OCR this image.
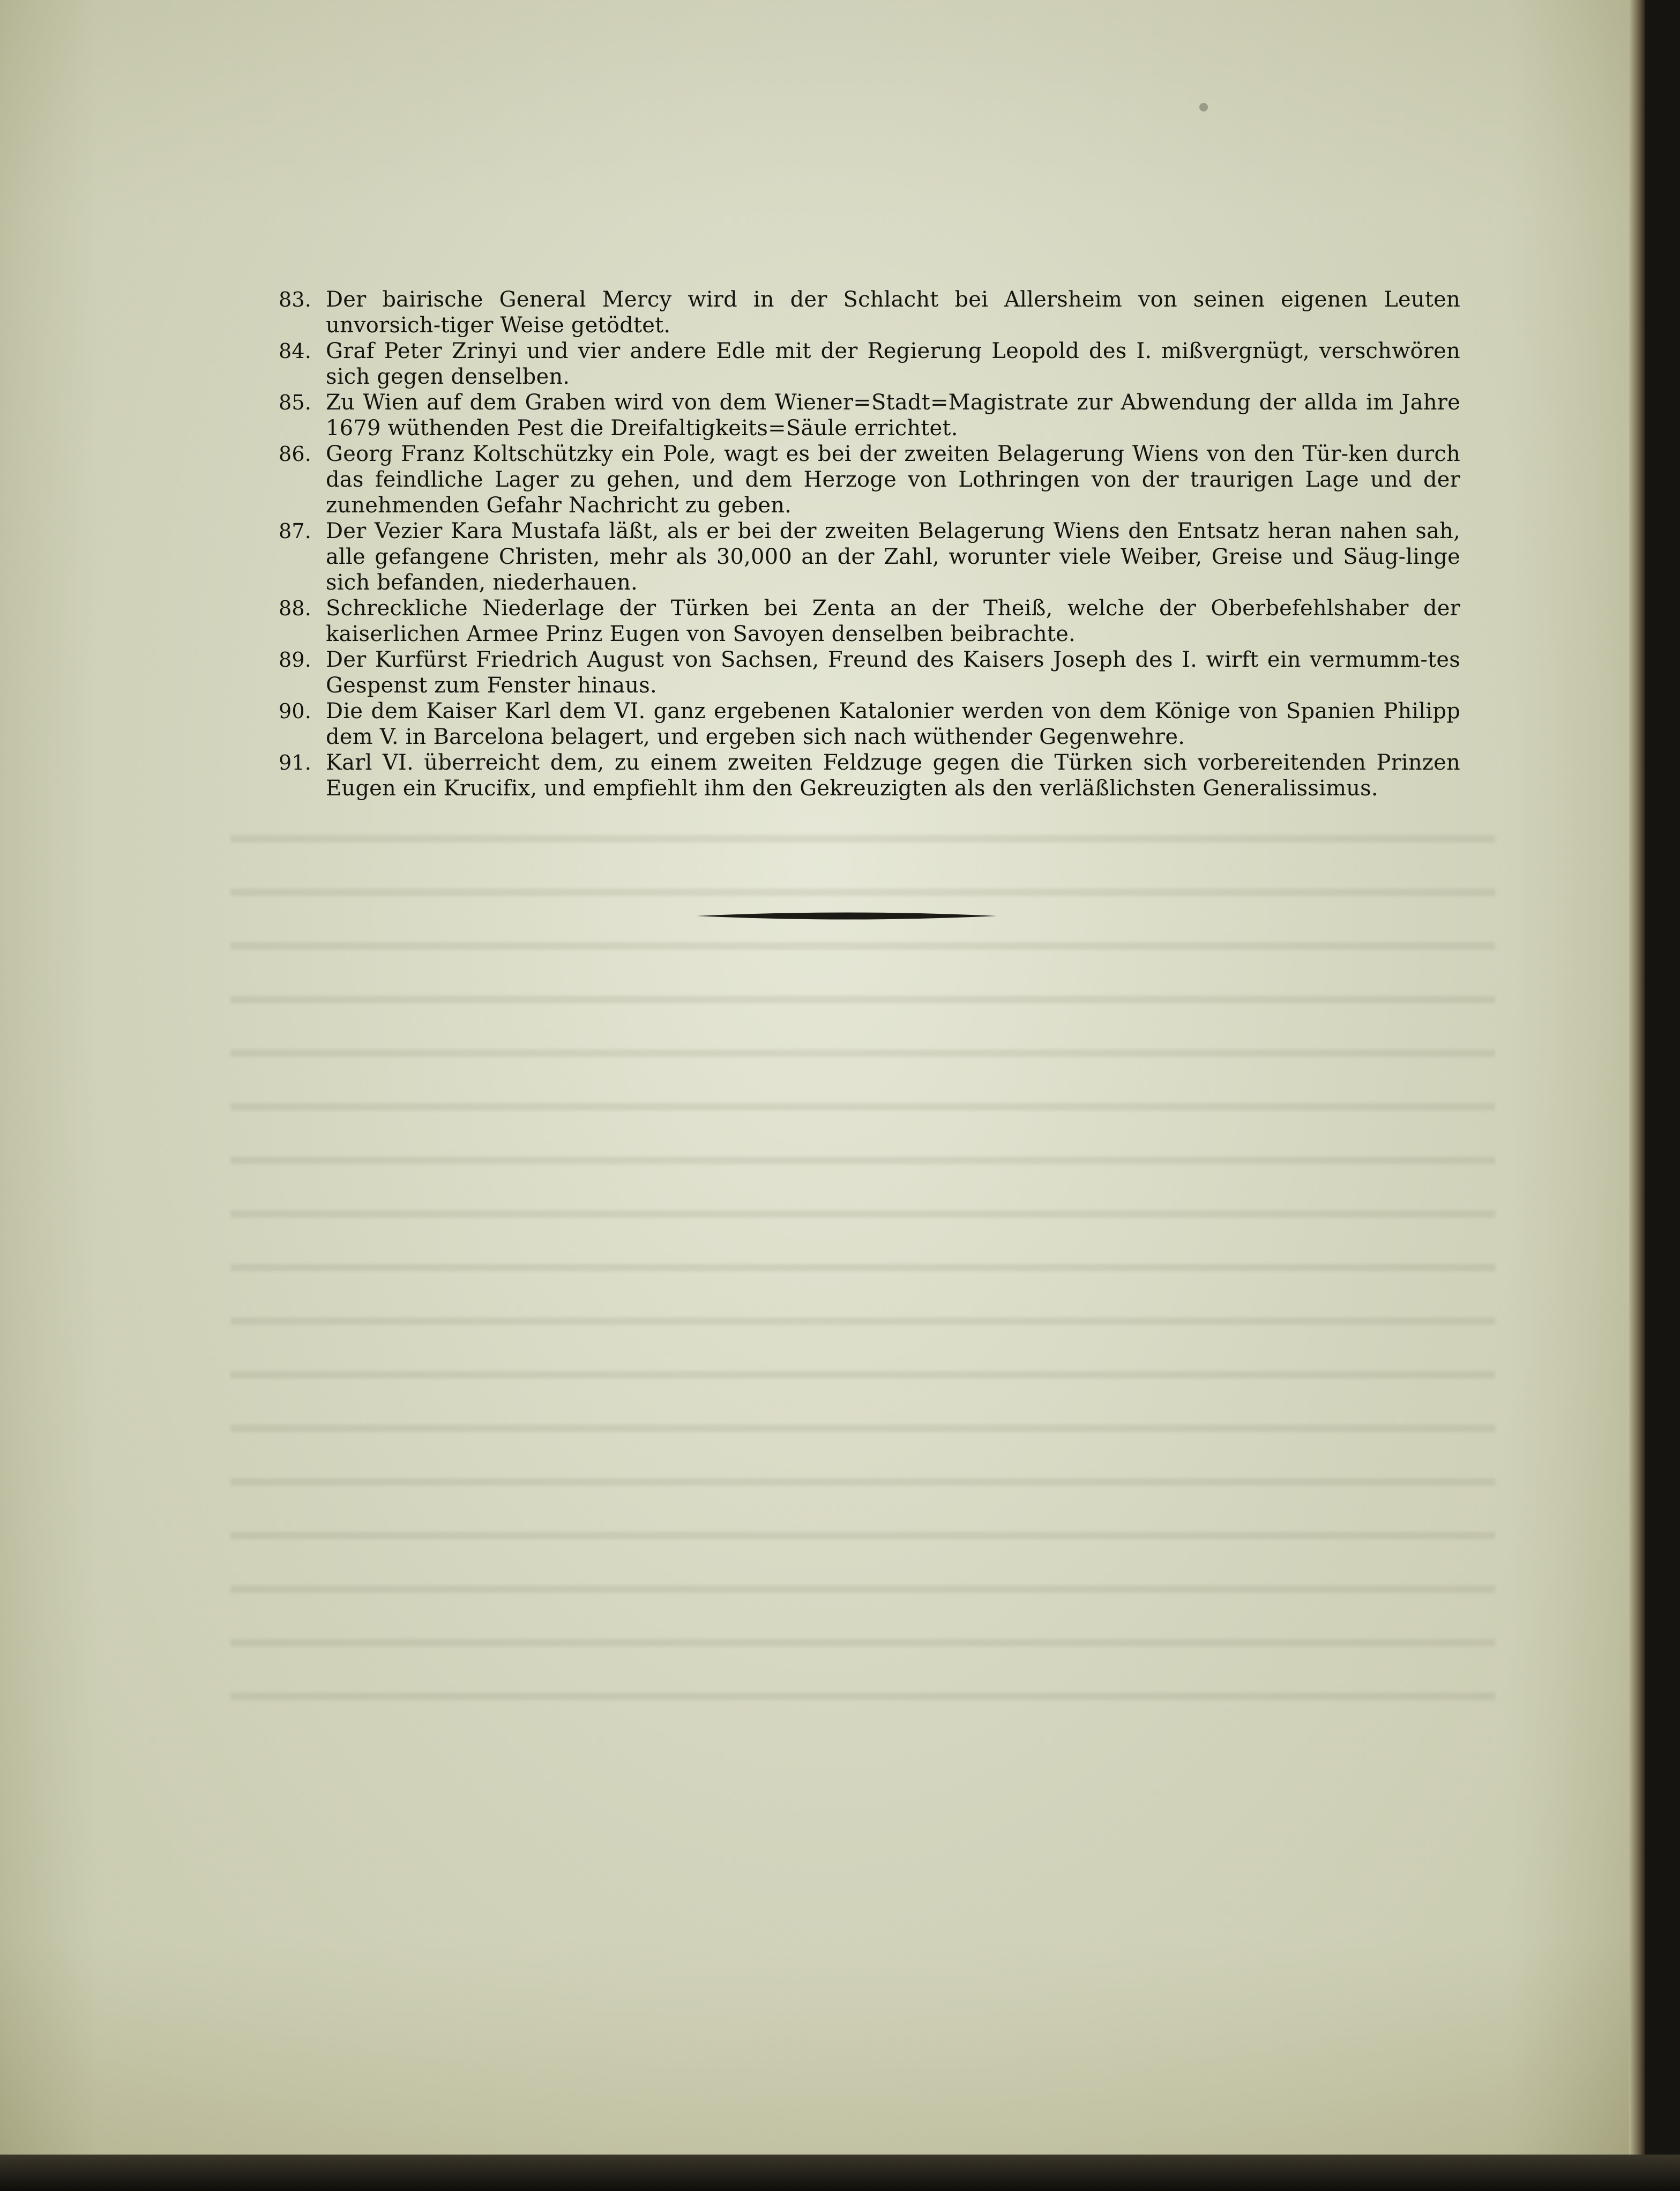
83. Der bairische General Mercy wird in der Schlacht bei Allersheim von seinen eigenen Leuten unvorsich-tiger Weise getödtet.
84. Graf Peter Zrinyi und vier andere Edle mit der Regierung Leopold des I. mißvergnügt, verschwören sich gegen denselben.
85. Zu Wien auf dem Graben wird von dem Wiener=Stadt=Magistrate zur Abwendung der allda im Jahre 1679 wüthenden Pest die Dreifaltigkeits=Säule errichtet.
86. Georg Franz Koltschützky ein Pole, wagt es bei der zweiten Belagerung Wiens von den Tür-ken durch das feindliche Lager zu gehen, und dem Herzoge von Lothringen von der traurigen Lage und der zunehmenden Gefahr Nachricht zu geben.
87. Der Vezier Kara Mustafa läßt, als er bei der zweiten Belagerung Wiens den Entsatz heran nahen sah, alle gefangene Christen, mehr als 30,000 an der Zahl, worunter viele Weiber, Greise und Säug-linge sich befanden, niederhauen.
88. Schreckliche Niederlage der Türken bei Zenta an der Theiß, welche der Oberbefehlshaber der kaiserlichen Armee Prinz Eugen von Savoyen denselben beibrachte.
89. Der Kurfürst Friedrich August von Sachsen, Freund des Kaisers Joseph des I. wirft ein vermumm-tes Gespenst zum Fenster hinaus.
90. Die dem Kaiser Karl dem VI. ganz ergebenen Katalonier werden von dem Könige von Spanien Philipp dem V. in Barcelona belagert, und ergeben sich nach wüthender Gegenwehre.
91. Karl VI. überreicht dem, zu einem zweiten Feldzuge gegen die Türken sich vorbereitenden Prinzen Eugen ein Krucifix, und empfiehlt ihm den Gekreuzigten als den verläßlichsten Generalissimus.
